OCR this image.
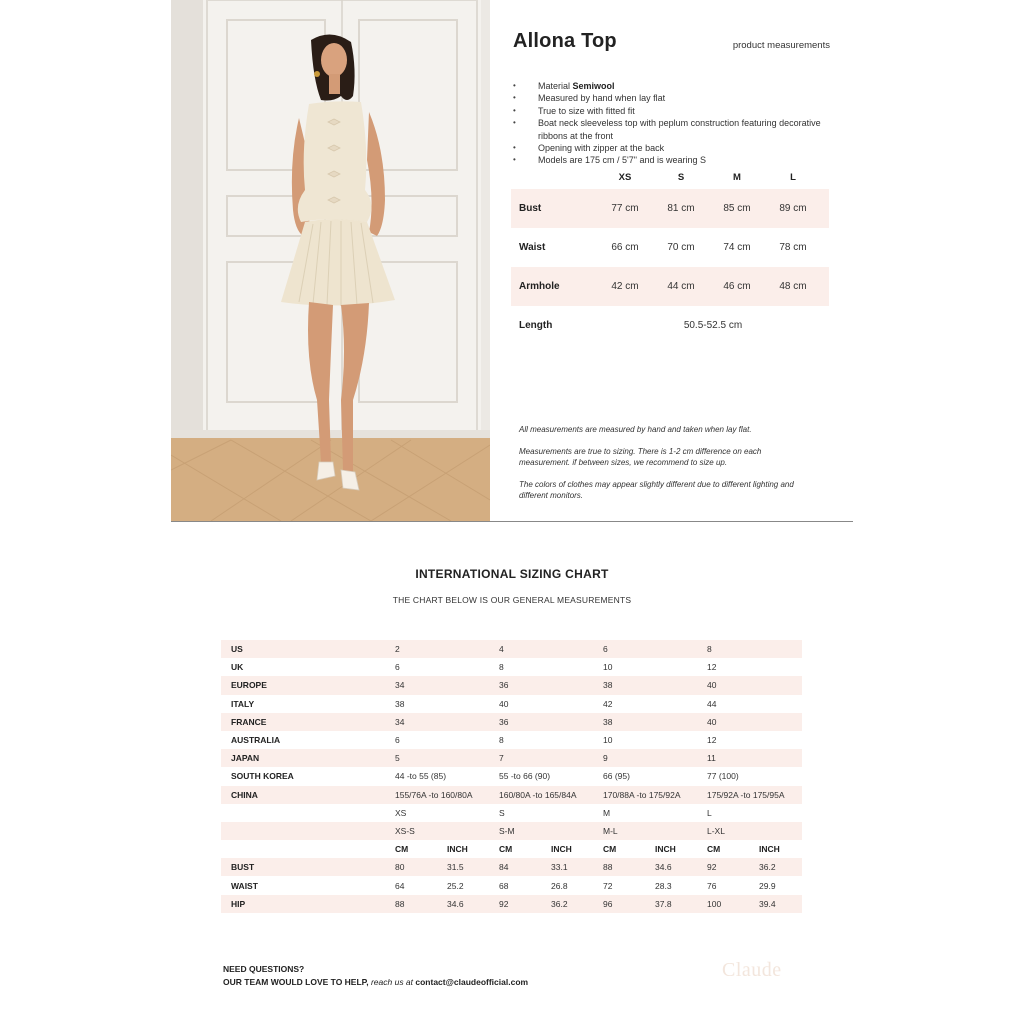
Allona Top	product measurements
• Material Semiwool
• Measured by hand when lay flat
• True to size with fitted fit
• Boat neck sleeveless top with peplum construction featuring decorative ribbons at the front
• Opening with zipper at the back
• Models are 175 cm / 5'7" and is wearing S
XS	S	M	L
Bust	77 cm	81 cm	85 cm	89 cm
Waist	66 cm	70 cm	74 cm	78 cm
Armhole	42 cm	44 cm	46 cm	48 cm
Length	50.5-52.5 cm

All measurements are measured by hand and taken when lay flat.

Measurements are true to sizing. There is 1-2 cm difference on each measurement. if between sizes, we recommend to size up.

The colors of clothes may appear slightly different due to different lighting and different monitors.

INTERNATIONAL SIZING CHART
THE CHART BELOW IS OUR GENERAL MEASUREMENTS
US	2	4	6	8
UK	6	8	10	12
EUROPE	34	36	38	40
ITALY	38	40	42	44
FRANCE	34	36	38	40
AUSTRALIA	6	8	10	12
JAPAN	5	7	9	11
SOUTH KOREA	44 -to 55 (85)	55 -to 66 (90)	66 (95)	77 (100)
CHINA	155/76A -to 160/80A	160/80A -to 165/84A	170/88A -to 175/92A	175/92A -to 175/95A
XS	S	M	L
XS-S	S-M	M-L	L-XL
CM	INCH	CM	INCH	CM	INCH	CM	INCH
BUST	80	31.5	84	33.1	88	34.6	92	36.2
WAIST	64	25.2	68	26.8	72	28.3	76	29.9
HIP	88	34.6	92	36.2	96	37.8	100	39.4
NEED QUESTIONS?
OUR TEAM WOULD LOVE TO HELP, reach us at contact@claudeofficial.com
Claude
